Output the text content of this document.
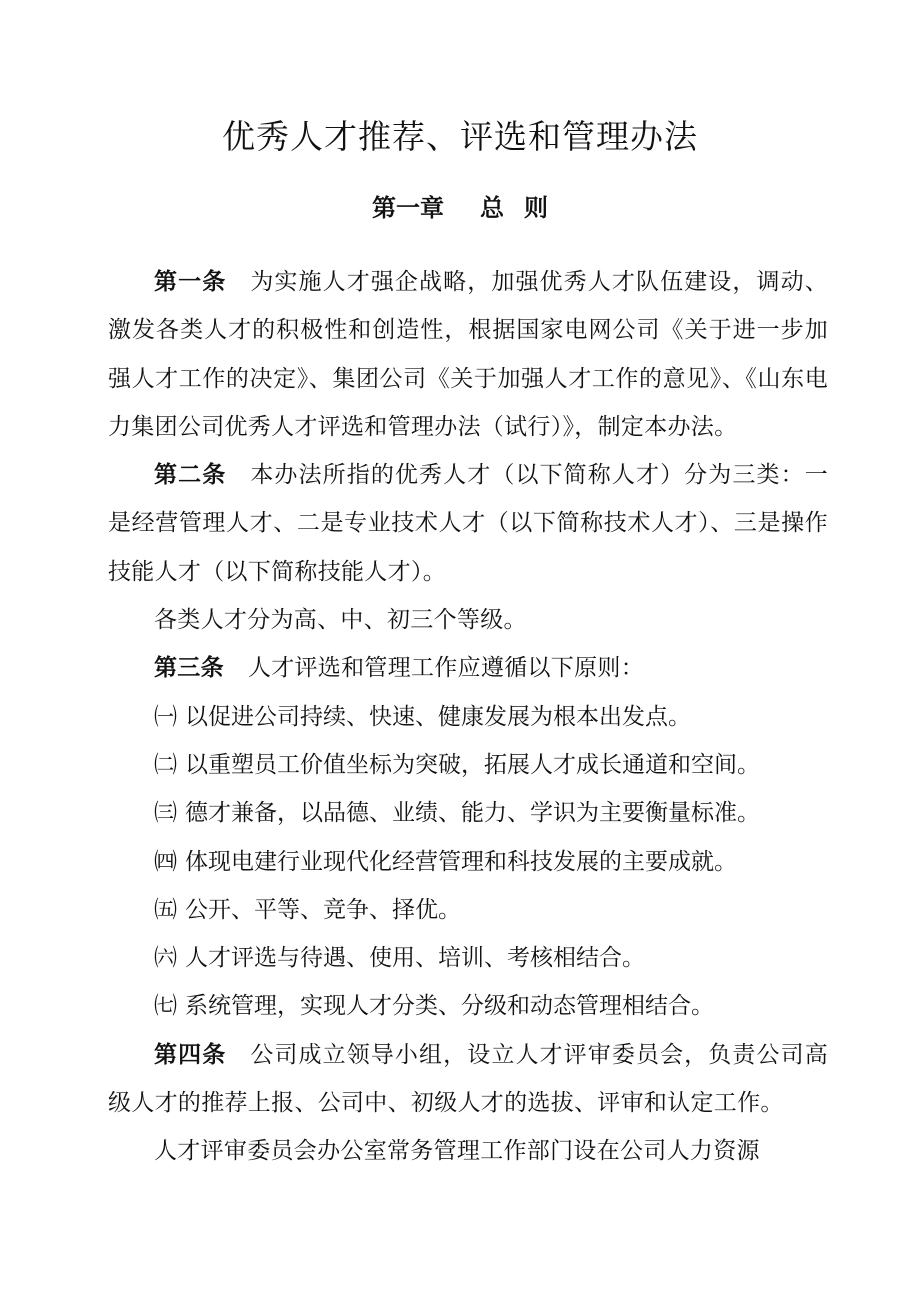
优秀人才推荐、评选和管理办法
第一章 总 则

第一条 为实施人才强企战略，加强优秀人才队伍建设，调动、激发各类人才的积极性和创造性，根据国家电网公司《关于进一步加强人才工作的决定》、集团公司《关于加强人才工作的意见》、《山东电力集团公司优秀人才评选和管理办法（试行）》，制定本办法。

第二条 本办法所指的优秀人才（以下简称人才）分为三类：一是经营管理人才、二是专业技术人才（以下简称技术人才）、三是操作技能人才（以下简称技能人才）。

各类人才分为高、中、初三个等级。

第三条 人才评选和管理工作应遵循以下原则：

㈠ 以促进公司持续、快速、健康发展为根本出发点。

㈡ 以重塑员工价值坐标为突破，拓展人才成长通道和空间。

㈢ 德才兼备，以品德、业绩、能力、学识为主要衡量标准。

㈣ 体现电建行业现代化经营管理和科技发展的主要成就。

㈤ 公开、平等、竞争、择优。

㈥ 人才评选与待遇、使用、培训、考核相结合。

㈦ 系统管理，实现人才分类、分级和动态管理相结合。

第四条 公司成立领导小组，设立人才评审委员会，负责公司高级人才的推荐上报、公司中、初级人才的选拔、评审和认定工作。

人才评审委员会办公室常务管理工作部门设在公司人力资源
